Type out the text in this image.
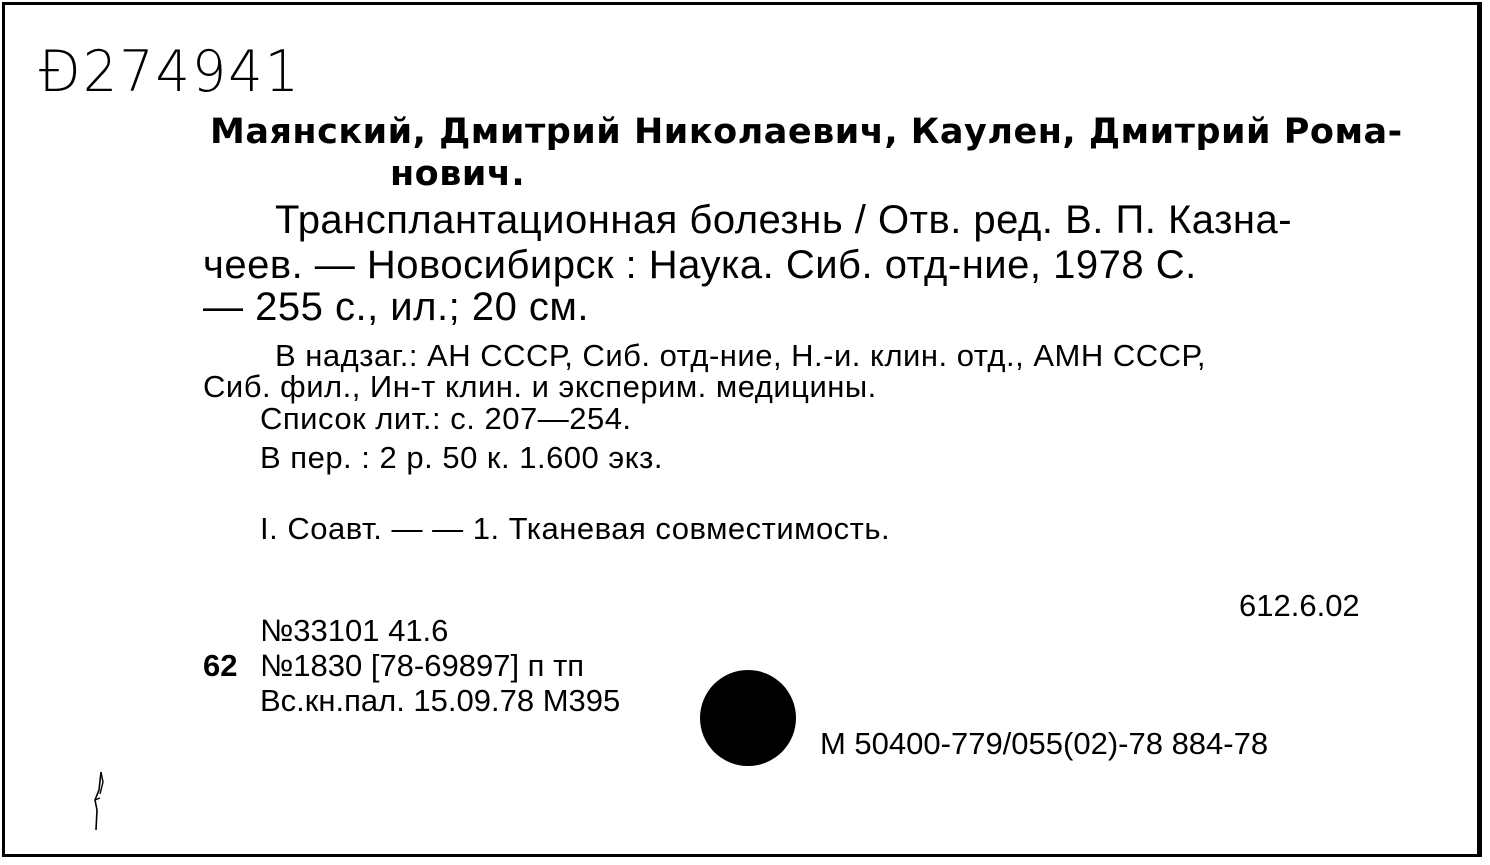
Ð274941
Маянский, Дмитрий Николаевич, Каулен, Дмитрий Рома-
нович.
Трансплантационная болезнь / Отв. ред. В. П. Казна-
чеев. — Новосибирск : Наука. Сиб. отд-ние, 1978 С.
— 255 с., ил.; 20 см.
В надзаг.: АН СССР, Сиб. отд-ние, Н.-и. клин. отд., АМН СССР,
Сиб. фил., Ин-т клин. и эксперим. медицины.
Список лит.: с. 207—254.
В пер. : 2 р. 50 к. 1.600 экз.
I. Соавт. — — 1. Тканевая совместимость.
612.6.02
№33101 41.6
62 №1830 [78-69897] п тп
Вс.кн.пал. 15.09.78 М395
М 50400-779/055(02)-78 884-78
